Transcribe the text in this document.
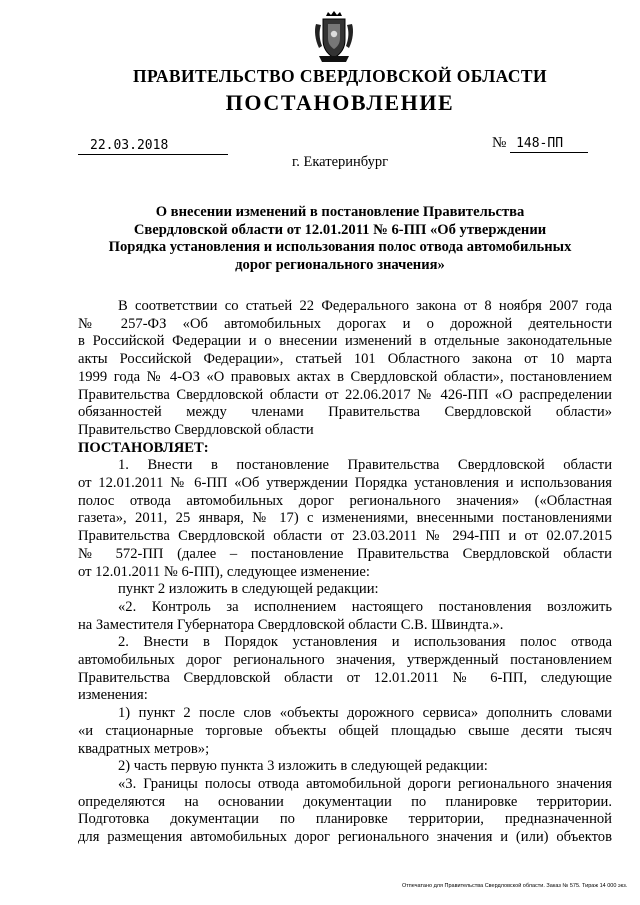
ПРАВИТЕЛЬСТВО СВЕРДЛОВСКОЙ ОБЛАСТИ
ПОСТАНОВЛЕНИЕ
22.03.2018	№ 148-ПП
г. Екатеринбург
О внесении изменений в постановление Правительства
Свердловской области от 12.01.2011 № 6-ПП «Об утверждении
Порядка установления и использования полос отвода автомобильных
дорог регионального значения»
В соответствии со статьей 22 Федерального закона от 8 ноября 2007 года
№ 257-ФЗ «Об автомобильных дорогах и о дорожной деятельности
в Российской Федерации и о внесении изменений в отдельные законодательные
акты Российской Федерации», статьей 101 Областного закона от 10 марта
1999 года № 4-ОЗ «О правовых актах в Свердловской области», постановлением
Правительства Свердловской области от 22.06.2017 № 426-ПП «О распределении
обязанностей между членами Правительства Свердловской области»
Правительство Свердловской области
ПОСТАНОВЛЯЕТ:
1. Внести в постановление Правительства Свердловской области
от 12.01.2011 № 6-ПП «Об утверждении Порядка установления и использования
полос отвода автомобильных дорог регионального значения» («Областная
газета», 2011, 25 января, № 17) с изменениями, внесенными постановлениями
Правительства Свердловской области от 23.03.2011 № 294-ПП и от 02.07.2015
№ 572-ПП (далее – постановление Правительства Свердловской области
от 12.01.2011 № 6-ПП), следующее изменение:
пункт 2 изложить в следующей редакции:
«2. Контроль за исполнением настоящего постановления возложить
на Заместителя Губернатора Свердловской области С.В. Швиндта.».
2. Внести в Порядок установления и использования полос отвода
автомобильных дорог регионального значения, утвержденный постановлением
Правительства Свердловской области от 12.01.2011 № 6-ПП, следующие
изменения:
1) пункт 2 после слов «объекты дорожного сервиса» дополнить словами
«и стационарные торговые объекты общей площадью свыше десяти тысяч
квадратных метров»;
2) часть первую пункта 3 изложить в следующей редакции:
«3. Границы полосы отвода автомобильной дороги регионального значения
определяются на основании документации по планировке территории.
Подготовка документации по планировке территории, предназначенной
для размещения автомобильных дорог регионального значения и (или) объектов
Отпечатано для Правительства Свердловской области. Заказ № 575. Тираж 14 000 экз.
